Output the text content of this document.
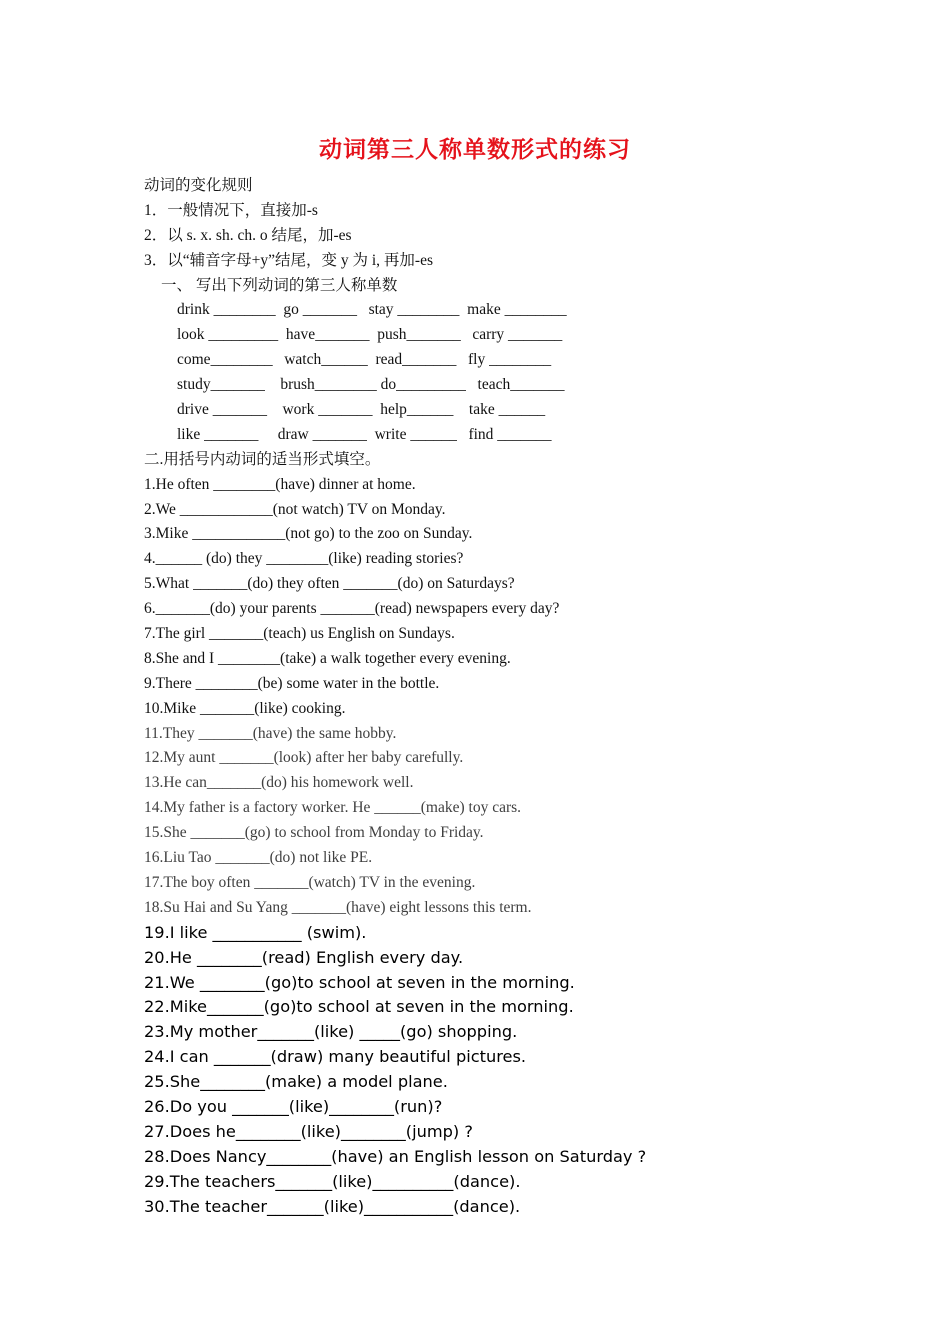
动词第三人称单数形式的练习
动词的变化规则
1．一般情况下，直接加-s
2．以 s. x. sh. ch. o 结尾，加-es
3．以“辅音字母+y”结尾，变 y 为 i, 再加-es
一、 写出下列动词的第三人称单数
drink ________  go _______   stay ________  make ________
look _________  have_______  push_______   carry _______
come________   watch______  read_______   fly ________
study_______    brush________ do_________   teach_______
drive _______    work _______  help______    take ______
like _______     draw _______  write ______   find _______
二.用括号内动词的适当形式填空。
1.He often ________(have) dinner at home.
2.We ____________(not watch) TV on Monday.
3.Mike ____________(not go) to the zoo on Sunday.
4.______ (do) they ________(like) reading stories?
5.What _______(do) they often _______(do) on Saturdays?
6._______(do) your parents _______(read) newspapers every day?
7.The girl _______(teach) us English on Sundays.
8.She and I ________(take) a walk together every evening.
9.There ________(be) some water in the bottle.
10.Mike _______(like) cooking.
11.They _______(have) the same hobby.
12.My aunt _______(look) after her baby carefully.
13.He can_______(do) his homework well.
14.My father is a factory worker. He ______(make) toy cars.
15.She _______(go) to school from Monday to Friday.
16.Liu Tao _______(do) not like PE.
17.The boy often _______(watch) TV in the evening.
18.Su Hai and Su Yang _______(have) eight lessons this term.
19.I like ___________ (swim).
20.He ________(read) English every day.
21.We ________(go)to school at seven in the morning.
22.Mike_______(go)to school at seven in the morning.
23.My mother_______(like) _____(go) shopping.
24.I can _______(draw) many beautiful pictures.
25.She________(make) a model plane.
26.Do you _______(like)________(run)?
27.Does he________(like)________(jump) ?
28.Does Nancy________(have) an English lesson on Saturday ?
29.The teachers_______(like)__________(dance).
30.The teacher_______(like)___________(dance).
